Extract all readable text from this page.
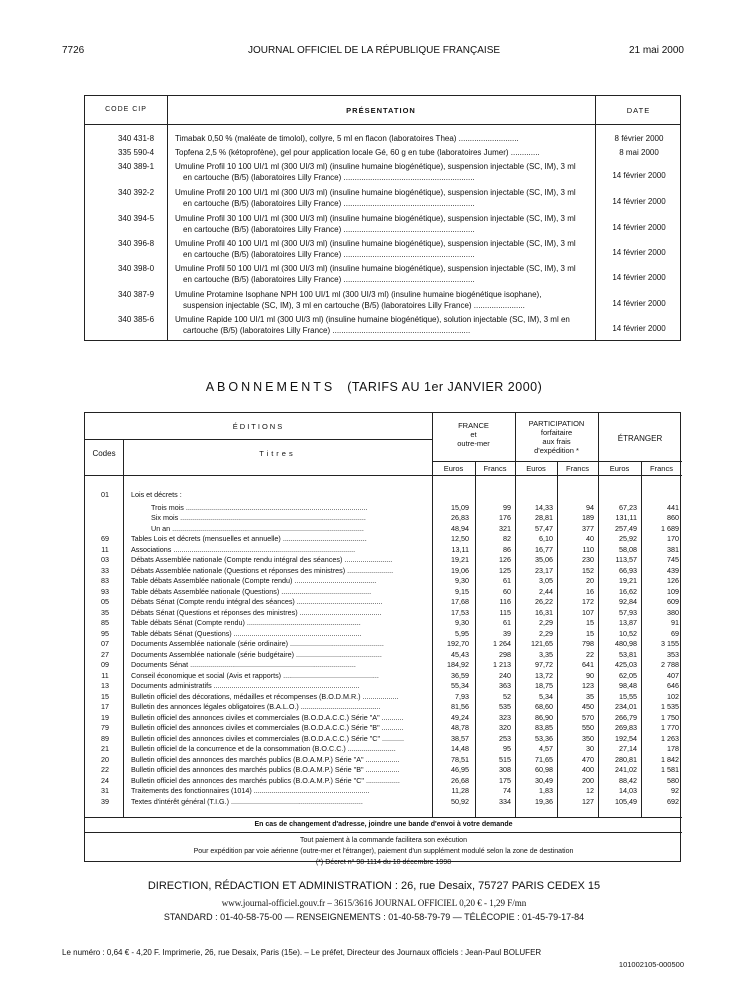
7726	JOURNAL OFFICIEL DE LA RÉPUBLIQUE FRANÇAISE	21 mai 2000
CODE CIP	PRÉSENTATION	DATE
340 431-8	Timabak 0,50 % (maléate de timolol), collyre, 5 ml en flacon (laboratoires Thea) ...........................	8 février 2000
335 590-4	Topfena 2,5 % (kétoprofène), gel pour application locale Gé, 60 g en tube (laboratoires Jumer) .............	8 mai 2000
340 389-1	Umuline Profil 10 100 UI/1 ml (300 UI/3 ml) (insuline humaine biogénétique), suspension injectable (SC, IM), 3 ml
en cartouche (B/5) (laboratoires Lilly France) ...........................................................	14 février 2000
340 392-2	Umuline Profil 20 100 UI/1 ml (300 UI/3 ml) (insuline humaine biogénétique), suspension injectable (SC, IM), 3 ml
en cartouche (B/5) (laboratoires Lilly France) ...........................................................	14 février 2000
340 394-5	Umuline Profil 30 100 UI/1 ml (300 UI/3 ml) (insuline humaine biogénétique), suspension injectable (SC, IM), 3 ml
en cartouche (B/5) (laboratoires Lilly France) ...........................................................	14 février 2000
340 396-8	Umuline Profil 40 100 UI/1 ml (300 UI/3 ml) (insuline humaine biogénétique), suspension injectable (SC, IM), 3 ml
en cartouche (B/5) (laboratoires Lilly France) ...........................................................	14 février 2000
340 398-0	Umuline Profil 50 100 UI/1 ml (300 UI/3 ml) (insuline humaine biogénétique), suspension injectable (SC, IM), 3 ml
en cartouche (B/5) (laboratoires Lilly France) ...........................................................	14 février 2000
340 387-9	Umuline Protamine Isophane NPH 100 UI/1 ml (300 UI/3 ml) (insuline humaine biogénétique isophane),
suspension injectable (SC, IM), 3 ml en cartouche (B/5) (laboratoires Lilly France) .......................	14 février 2000
340 385-6	Umuline Rapide 100 UI/1 ml (300 UI/3 ml) (insuline humaine biogénétique), solution injectable (SC, IM), 3 ml en
cartouche (B/5) (laboratoires Lilly France) ..............................................................	14 février 2000
ABONNEMENTS (TARIFS AU 1er JANVIER 2000)
ÉDITIONS
Codes	Titres
FRANCE
et
outre-mer
PARTICIPATION
forfaitaire
aux frais
d'expédition *
ÉTRANGER
Euros	Francs	Euros	Francs	Euros	Francs
01	Lois et décrets :
Trois mois ...........................................................................................	15,09	99	14,33	94	67,23	441
Six mois .............................................................................................	26,83	176	28,81	189	131,11	860
Un an ................................................................................................	48,94	321	57,47	377	257,49	1 689
69	Tables Lois et décrets (mensuelles et annuelle) ..........................................	12,50	82	6,10	40	25,92	170
11	Associations ...........................................................................................	13,11	86	16,77	110	58,08	381
03	Débats Assemblée nationale (Compte rendu intégral des séances) ........................	19,21	126	35,06	230	113,57	745
33	Débats Assemblée nationale (Questions et réponses des ministres) .......................	19,06	125	23,17	152	66,93	439
83	Table débats Assemblée nationale (Compte rendu) .........................................	9,30	61	3,05	20	19,21	126
93	Table débats Assemblée nationale (Questions) .............................................	9,15	60	2,44	16	16,62	109
05	Débats Sénat (Compte rendu intégral des séances) ...........................................	17,68	116	26,22	172	92,84	609
35	Débats Sénat (Questions et réponses des ministres) .........................................	17,53	115	16,31	107	57,93	380
85	Table débats Sénat (Compte rendu) .........................................................	9,30	61	2,29	15	13,87	91
95	Table débats Sénat (Questions) ................................................................	5,95	39	2,29	15	10,52	69
07	Documents Assemblée nationale (série ordinaire) ...............................................	192,70	1 264	121,65	798	480,98	3 155
27	Documents Assemblée nationale (série budgétaire) ...........................................	45,43	298	3,35	22	53,81	353
09	Documents Sénat ...................................................................................	184,92	1 213	97,72	641	425,03	2 788
11	Conseil économique et social (Avis et rapports) ................................................	36,59	240	13,72	90	62,05	407
13	Documents administratifs .........................................................................	55,34	363	18,75	123	98,48	646
15	Bulletin officiel des décorations, médailles et récompenses (B.O.D.M.R.) ..................	7,93	52	5,34	35	15,55	102
17	Bulletin des annonces légales obligatoires (B.A.L.O.) ........................................	81,56	535	68,60	450	234,01	1 535
19	Bulletin officiel des annonces civiles et commerciales (B.O.D.A.C.C.) Série "A" ...........	49,24	323	86,90	570	266,79	1 750
79	Bulletin officiel des annonces civiles et commerciales (B.O.D.A.C.C.) Série "B" ...........	48,78	320	83,85	550	269,83	1 770
89	Bulletin officiel des annonces civiles et commerciales (B.O.D.A.C.C.) Série "C" ...........	38,57	253	53,36	350	192,54	1 263
21	Bulletin officiel de la concurrence et de la consommation (B.O.C.C.) ........................	14,48	95	4,57	30	27,14	178
20	Bulletin officiel des annonces des marchés publics (B.O.A.M.P.) Série "A" .................	78,51	515	71,65	470	280,81	1 842
22	Bulletin officiel des annonces des marchés publics (B.O.A.M.P.) Série "B" .................	46,95	308	60,98	400	241,02	1 581
24	Bulletin officiel des annonces des marchés publics (B.O.A.M.P.) Série "C" .................	26,68	175	30,49	200	88,42	580
31	Traitements des fonctionnaires (1014) ..........................................................	11,28	74	1,83	12	14,03	92
39	Textes d'intérêt général (T.I.G.) ..................................................................	50,92	334	19,36	127	105,49	692
En cas de changement d'adresse, joindre une bande d'envoi à votre demande
Tout paiement à la commande facilitera son exécution
Pour expédition par voie aérienne (outre-mer et l'étranger), paiement d'un supplément modulé selon la zone de destination
(*) Décret n° 98-1114 du 10 décembre 1998
DIRECTION, RÉDACTION ET ADMINISTRATION : 26, rue Desaix, 75727 PARIS CEDEX 15
www.journal-officiel.gouv.fr – 3615/3616 JOURNAL OFFICIEL 0,20 € - 1,29 F/mn
STANDARD : 01-40-58-75-00 — RENSEIGNEMENTS : 01-40-58-79-79 — TÉLÉCOPIE : 01-45-79-17-84
Le numéro : 0,64 € - 4,20 F. Imprimerie, 26, rue Desaix, Paris (15e). – Le préfet, Directeur des Journaux officiels : Jean-Paul BOLUFER
101002105-000500
